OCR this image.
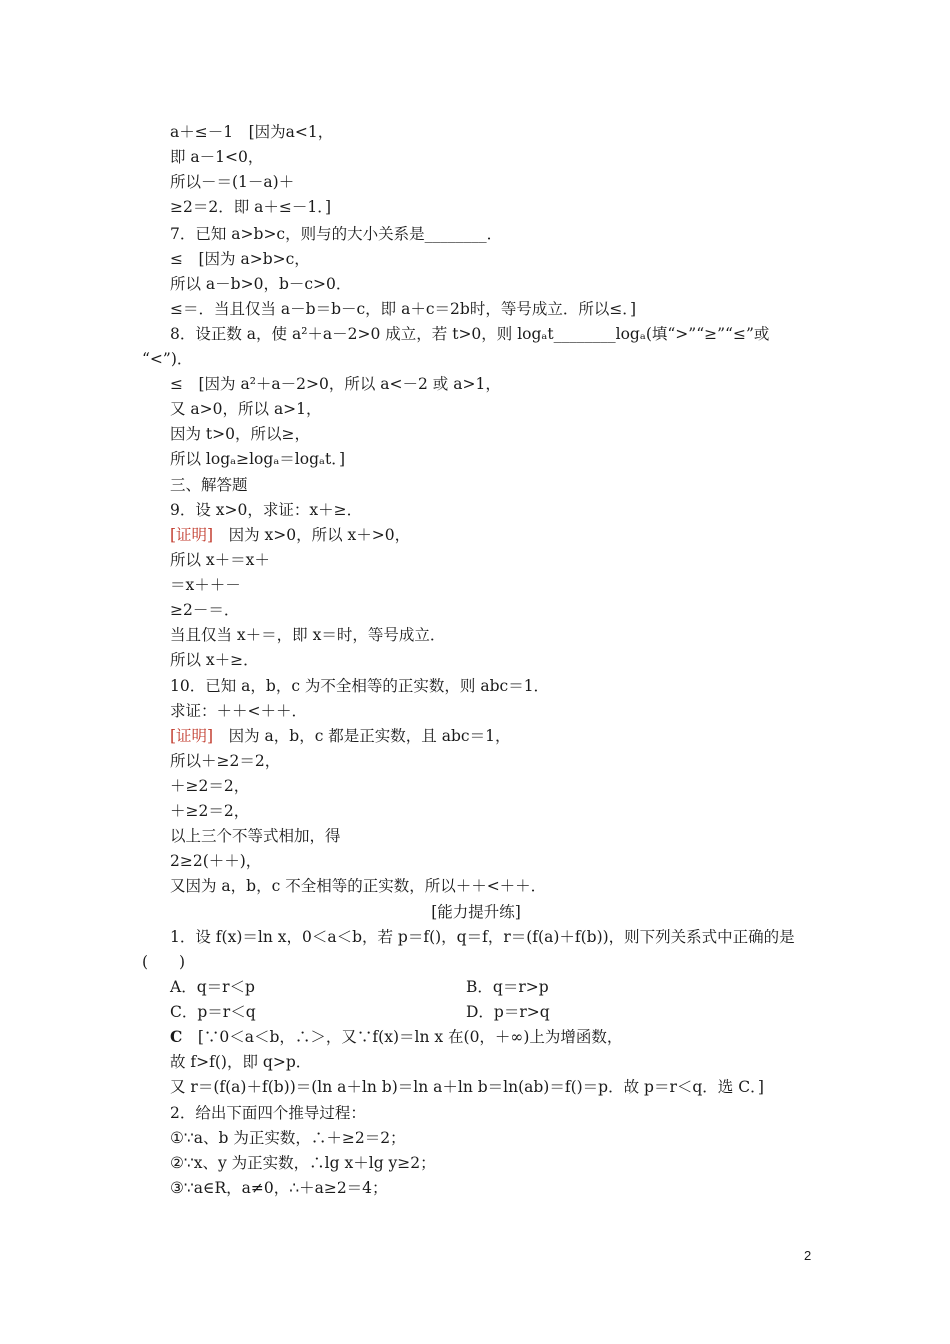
a＋≤－1　[因为a<1，
即 a－1<0，
所以－＝(1－a)＋
≥2＝2．即 a＋≤－1．]
7．已知 a>b>c，则与的大小关系是________．
≤　[因为 a>b>c，
所以 a－b>0，b－c>0．
≤＝．当且仅当 a－b＝b－c，即 a＋c＝2b时，等号成立．所以≤．]
8．设正数 a，使 a²＋a－2>0 成立，若 t>0，则 logₐt________logₐ(填“>”“≥”“≤”或
“<”)．
≤　[因为 a²＋a－2>0，所以 a<－2 或 a>1，
又 a>0，所以 a>1，
因为 t>0，所以≥，
所以 logₐ≥logₐ＝logₐt．]
三、解答题
9．设 x>0，求证：x＋≥．
[证明]　因为 x>0，所以 x＋>0，
所以 x＋＝x＋
＝x＋＋－
≥2－＝．
当且仅当 x＋＝，即 x＝时，等号成立．
所以 x＋≥．
10．已知 a，b，c 为不全相等的正实数，则 abc＝1．
求证：＋＋<＋＋．
[证明]　因为 a，b，c 都是正实数，且 abc＝1，
所以＋≥2＝2，
＋≥2＝2，
＋≥2＝2，
以上三个不等式相加，得
2≥2(＋＋)，
又因为 a，b，c 不全相等的正实数，所以＋＋<＋＋．
[能力提升练]
1．设 f(x)＝ln x，0＜a＜b，若 p＝f()，q＝f，r＝(f(a)＋f(b))，则下列关系式中正确的是
(　　)
A．q＝r＜p	B．q＝r>p
C．p＝r＜q	D．p＝r>q
C　[∵0＜a＜b，∴＞，又∵f(x)＝ln x 在(0，＋∞)上为增函数，
故 f>f()，即 q>p．
又 r＝(f(a)＋f(b))＝(ln a＋ln b)＝ln a＋ln b＝ln(ab)＝f()＝p．故 p＝r＜q．选 C．]
2．给出下面四个推导过程：
①∵a、b 为正实数，∴＋≥2＝2；
②∵x、y 为正实数，∴lg x＋lg y≥2；
③∵a∈R，a≠0，∴＋a≥2＝4；
2
